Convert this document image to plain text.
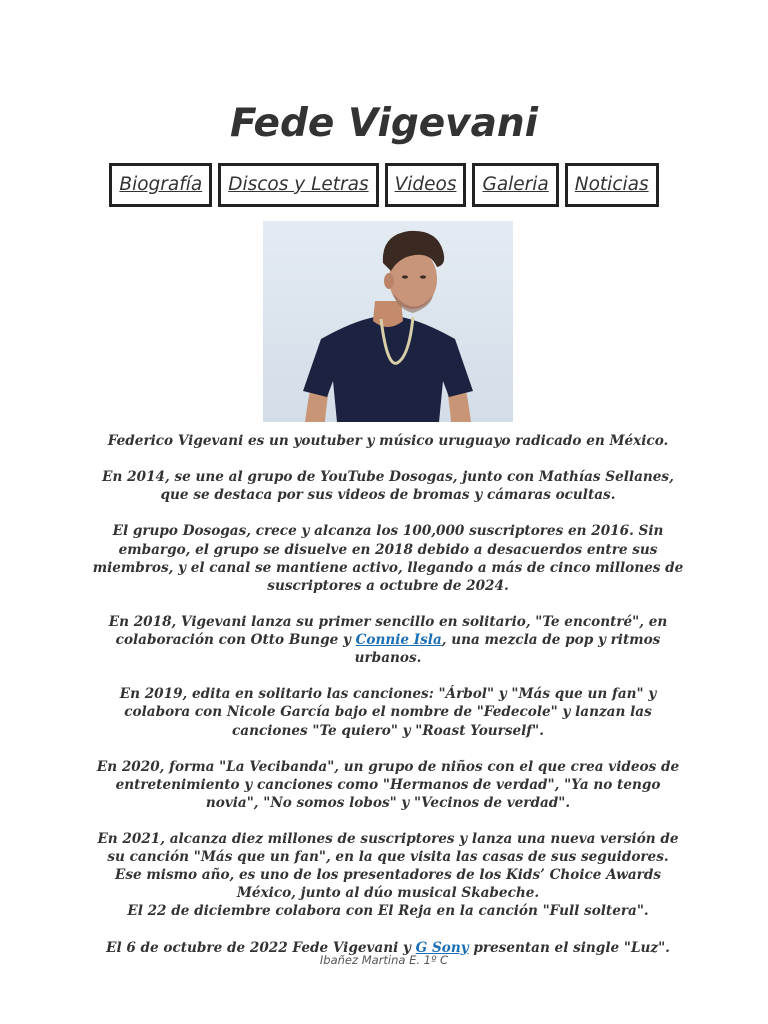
Fede Vigevani
Biografía	Discos y Letras	Videos	Galeria	Noticias

Federico Vigevani es un youtuber y músico uruguayo radicado en México.

En 2014, se une al grupo de YouTube Dosogas, junto con Mathías Sellanes, que se destaca por sus videos de bromas y cámaras ocultas.

El grupo Dosogas, crece y alcanza los 100,000 suscriptores en 2016. Sin embargo, el grupo se disuelve en 2018 debido a desacuerdos entre sus miembros, y el canal se mantiene activo, llegando a más de cinco millones de suscriptores a octubre de 2024.

En 2018, Vigevani lanza su primer sencillo en solitario, "Te encontré", en colaboración con Otto Bunge y Connie Isla, una mezcla de pop y ritmos urbanos.

En 2019, edita en solitario las canciones: "Árbol" y "Más que un fan" y colabora con Nicole García bajo el nombre de "Fedecole" y lanzan las canciones "Te quiero" y "Roast Yourself".

En 2020, forma "La Vecibanda", un grupo de niños con el que crea videos de entretenimiento y canciones como "Hermanos de verdad", "Ya no tengo novia", "No somos lobos" y "Vecinos de verdad".

En 2021, alcanza diez millones de suscriptores y lanza una nueva versión de su canción "Más que un fan", en la que visita las casas de sus seguidores.
Ese mismo año, es uno de los presentadores de los Kids’ Choice Awards México, junto al dúo musical Skabeche.
El 22 de diciembre colabora con El Reja en la canción "Full soltera".

El 6 de octubre de 2022 Fede Vigevani y G Sony presentan el single "Luz".

Ibañez Martina E. 1º C
